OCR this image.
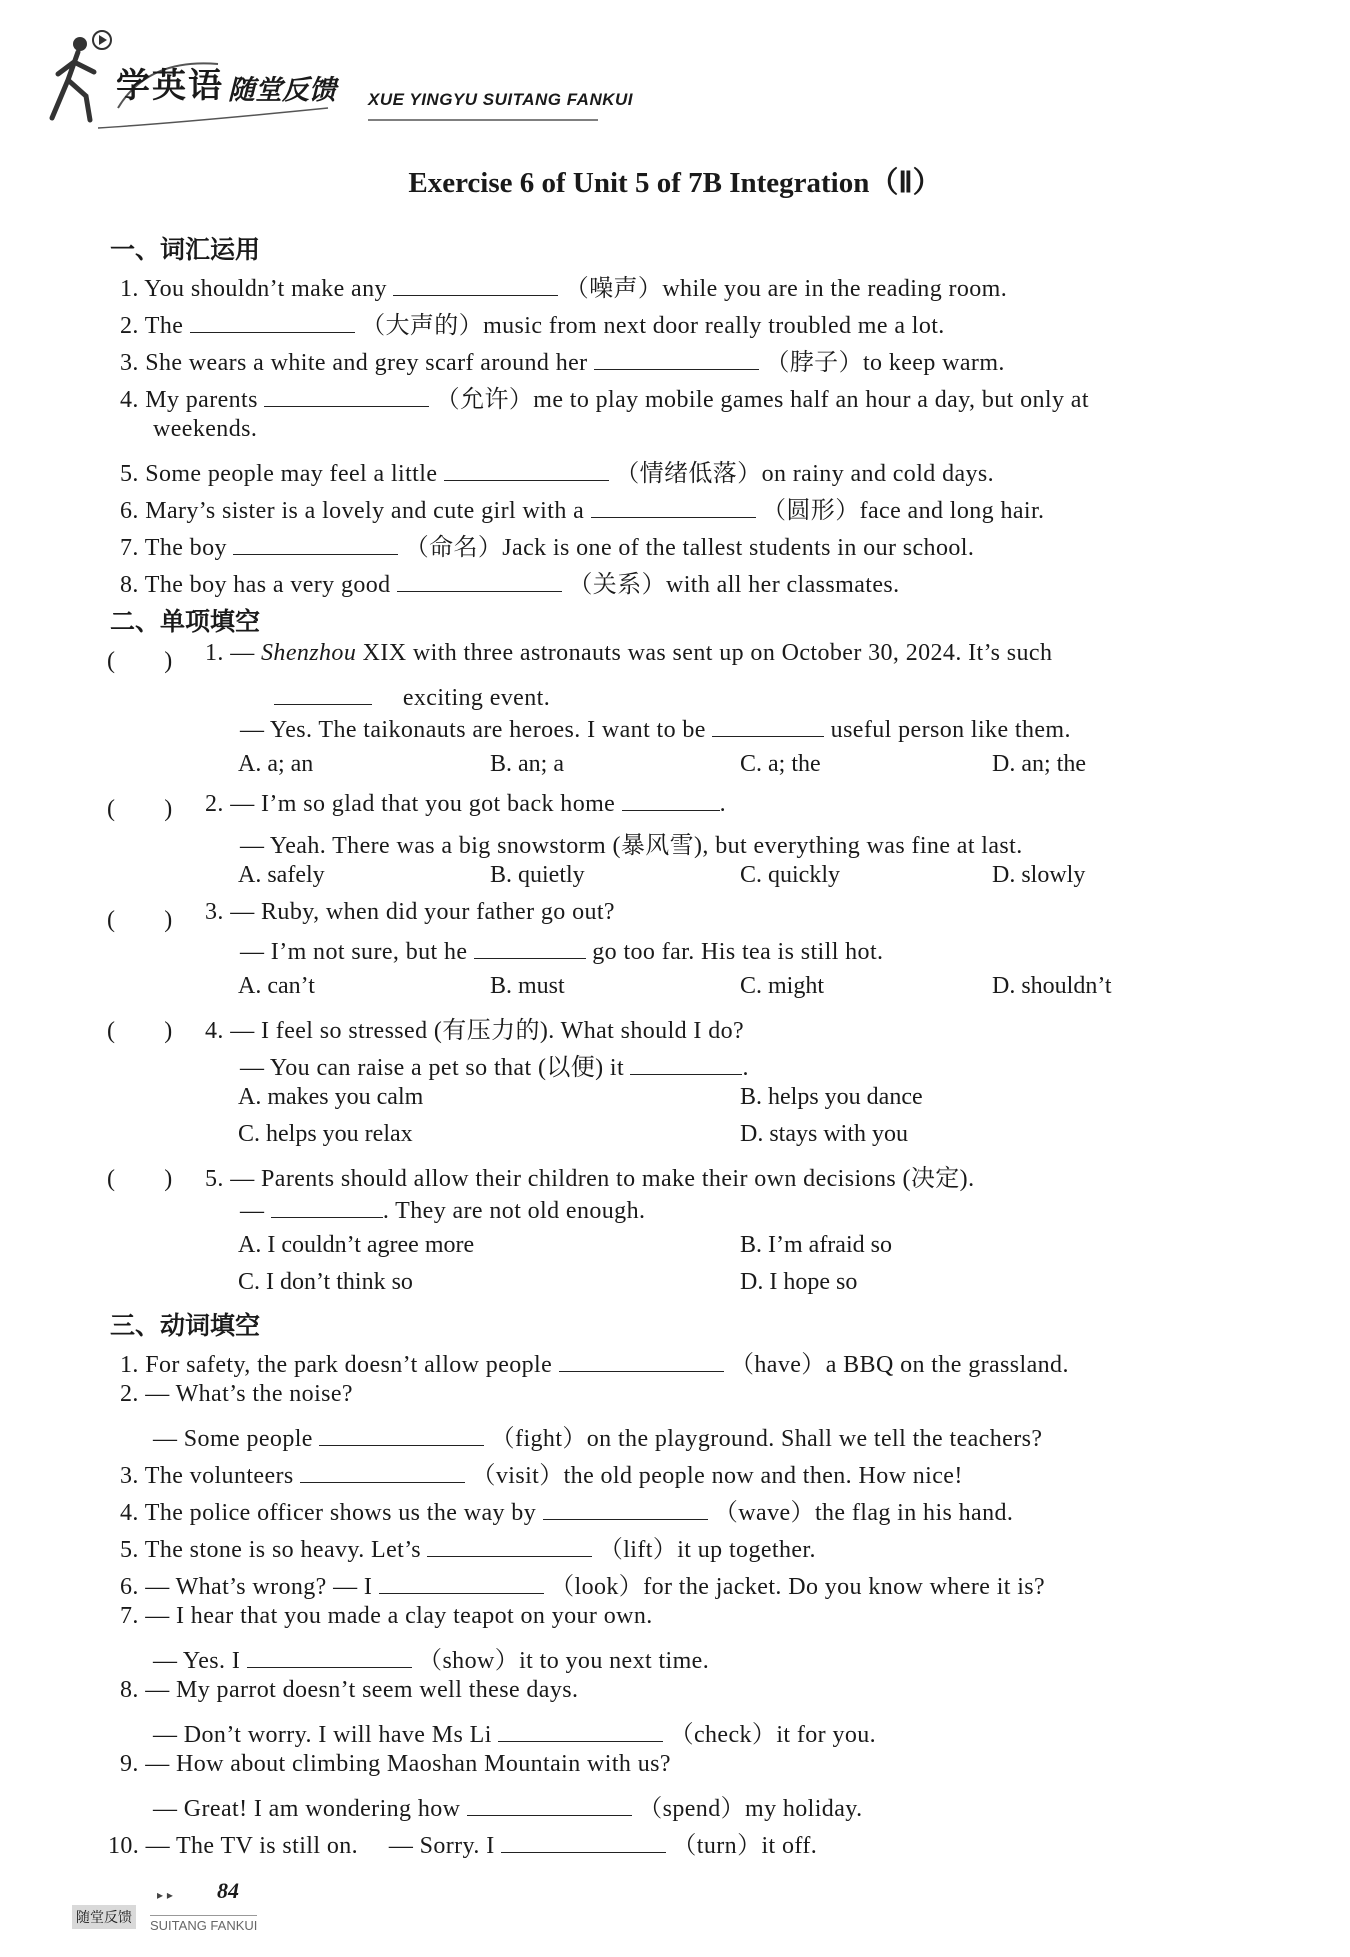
学英语 随堂反馈 XUE YINGYU SUITANG FANKUI
Exercise 6 of Unit 5 of 7B Integration（Ⅱ）
一、词汇运用
1. You shouldn’t make any	（噪声）while you are in the reading room.
2. The	（大声的）music from next door really troubled me a lot.
3. She wears a white and grey scarf around her	（脖子）to keep warm.
4. My parents	（允许）me to play mobile games half an hour a day, but only at
weekends.
5. Some people may feel a little	（情绪低落）on rainy and cold days.
6. Mary’s sister is a lovely and cute girl with a	（圆形）face and long hair.
7. The boy	（命名）Jack is one of the tallest students in our school.
8. The boy has a very good	（关系）with all her classmates.
二、单项填空
(　　) 1. — Shenzhou XIX with three astronauts was sent up on October 30, 2024. It’s such
　 exciting event.
— Yes. The taikonauts are heroes. I want to be	useful person like them.
A. a; an	B. an; a	C. a; the	D. an; the
(　　) 2. — I’m so glad that you got back home	.
— Yeah. There was a big snowstorm (暴风雪), but everything was fine at last.
A. safely	B. quietly	C. quickly	D. slowly
(　　) 3. — Ruby, when did your father go out?
— I’m not sure, but he	go too far. His tea is still hot.
A. can’t	B. must	C. might	D. shouldn’t
(　　) 4. — I feel so stressed (有压力的). What should I do?
— You can raise a pet so that (以便) it	.
A. makes you calm	B. helps you dance
C. helps you relax	D. stays with you
(　　) 5. — Parents should allow their children to make their own decisions (决定).
—	. They are not old enough.
A. I couldn’t agree more	B. I’m afraid so
C. I don’t think so	D. I hope so
三、动词填空
1. For safety, the park doesn’t allow people	（have）a BBQ on the grassland.
2. — What’s the noise?
— Some people	（fight）on the playground. Shall we tell the teachers?
3. The volunteers	（visit）the old people now and then. How nice!
4. The police officer shows us the way by	（wave）the flag in his hand.
5. The stone is so heavy. Let’s	（lift）it up together.
6. — What’s wrong? — I	（look）for the jacket. Do you know where it is?
7. — I hear that you made a clay teapot on your own.
— Yes. I	（show）it to you next time.
8. — My parrot doesn’t seem well these days.
— Don’t worry. I will have Ms Li	（check）it for you.
9. — How about climbing Maoshan Mountain with us?
— Great! I am wondering how	（spend）my holiday.
10. — The TV is still on.　 — Sorry. I	（turn）it off.
▸ ▸ 84
随堂反馈	SUITANG FANKUI
